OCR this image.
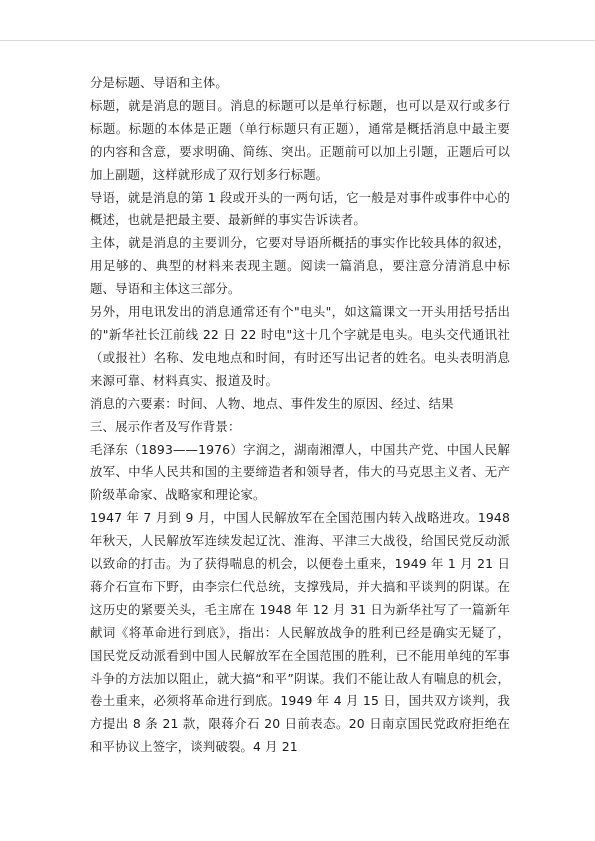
分是标题、导语和主体。

标题，就是消息的题目。消息的标题可以是单行标题，也可以是双行或多行标题。标题的本体是正题（单行标题只有正题），通常是概括消息中最主要的内容和含意，要求明确、简练、突出。正题前可以加上引题，正题后可以加上副题，这样就形成了双行划多行标题。

导语，就是消息的第 1 段或开头的一两句话，它一般是对事件或事件中心的概述，也就是把最主要、最新鲜的事实告诉读者。

主体，就是消息的主要训分，它要对导语所概括的事实作比较具体的叙述，用足够的、典型的材料来表现主题。阅读一篇消息，要注意分清消息中标题、导语和主体这三部分。

另外，用电讯发出的消息通常还有个"电头"，如这篇课文一开头用括号括出的"新华社长江前线 22 日 22 时电"这十几个字就是电头。电头交代通讯社（或报社）名称、发电地点和时间，有时还写出记者的姓名。电头表明消息来源可靠、材料真实、报道及时。

消息的六要素：时间、人物、地点、事件发生的原因、经过、结果

三、展示作者及写作背景：

毛泽东（1893——1976）字润之，湖南湘潭人，中国共产党、中国人民解放军、中华人民共和国的主要缔造者和领导者，伟大的马克思主义者、无产阶级革命家、战略家和理论家。

1947 年 7 月到 9 月，中国人民解放军在全国范围内转入战略进攻。1948 年秋天，人民解放军连续发起辽沈、淮海、平津三大战役，给国民党反动派以致命的打击。为了获得喘息的机会，以便卷土重来，1949 年 1 月 21 日蒋介石宣布下野，由李宗仁代总统，支撑残局，并大搞和平谈判的阴谋。在这历史的紧要关头，毛主席在 1948 年 12 月 31 日为新华社写了一篇新年献词《将革命进行到底》，指出：人民解放战争的胜利已经是确实无疑了，国民党反动派看到中国人民解放军在全国范围的胜利，已不能用单纯的军事斗争的方法加以阻止，就大搞“和平”阴谋。我们不能让敌人有喘息的机会，卷土重来，必须将革命进行到底。1949 年 4 月 15 日，国共双方谈判，我方提出 8 条 21 款，限蒋介石 20 日前表态。20 日南京国民党政府拒绝在和平协议上签字，谈判破裂。4 月 21
